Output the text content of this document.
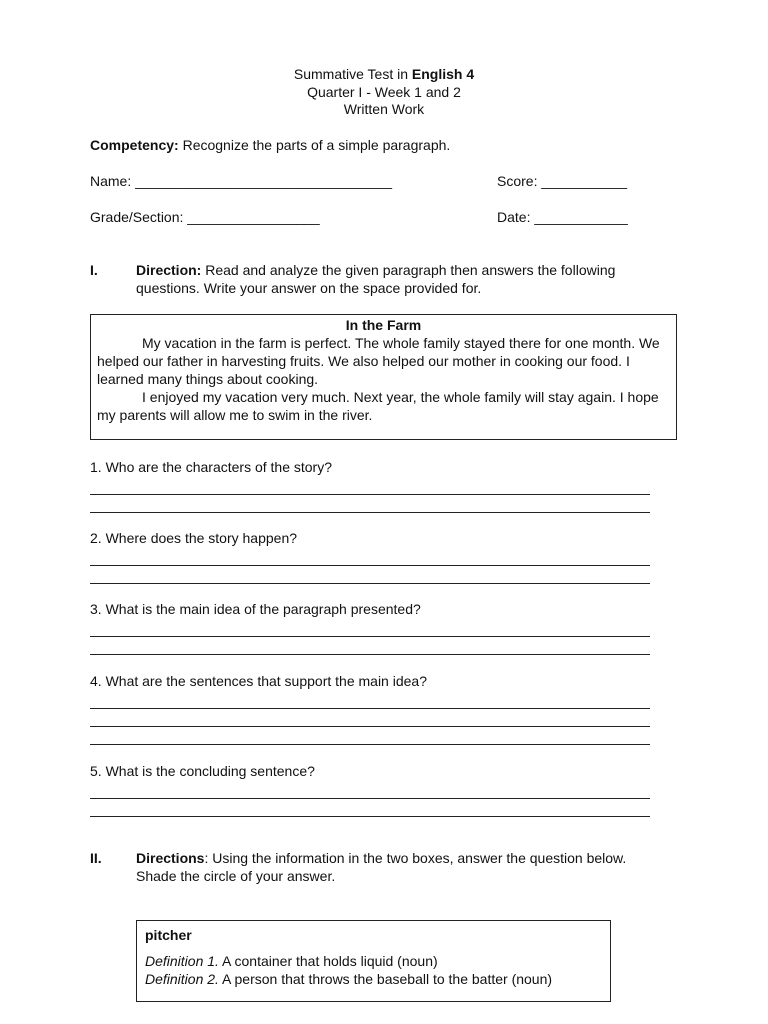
Summative Test in English 4
Quarter I - Week 1 and 2
Written Work
Competency: Recognize the parts of a simple paragraph.
Name: _________________________________	Score: ___________
Grade/Section: _________________	Date: ____________
I.	Direction: Read and analyze the given paragraph then answers the following
questions. Write your answer on the space provided for.
In the Farm

My vacation in the farm is perfect. The whole family stayed there for one month. We helped our father in harvesting fruits. We also helped our mother in cooking our food. I learned many things about cooking.

I enjoyed my vacation very much. Next year, the whole family will stay again. I hope my parents will allow me to swim in the river.

1. Who are the characters of the story?
2. Where does the story happen?
3. What is the main idea of the paragraph presented?
4. What are the sentences that support the main idea?
5. What is the concluding sentence?
II. Directions: Using the information in the two boxes, answer the question below.
Shade the circle of your answer.
pitcher
Definition 1. A container that holds liquid (noun)
Definition 2. A person that throws the baseball to the batter (noun)
